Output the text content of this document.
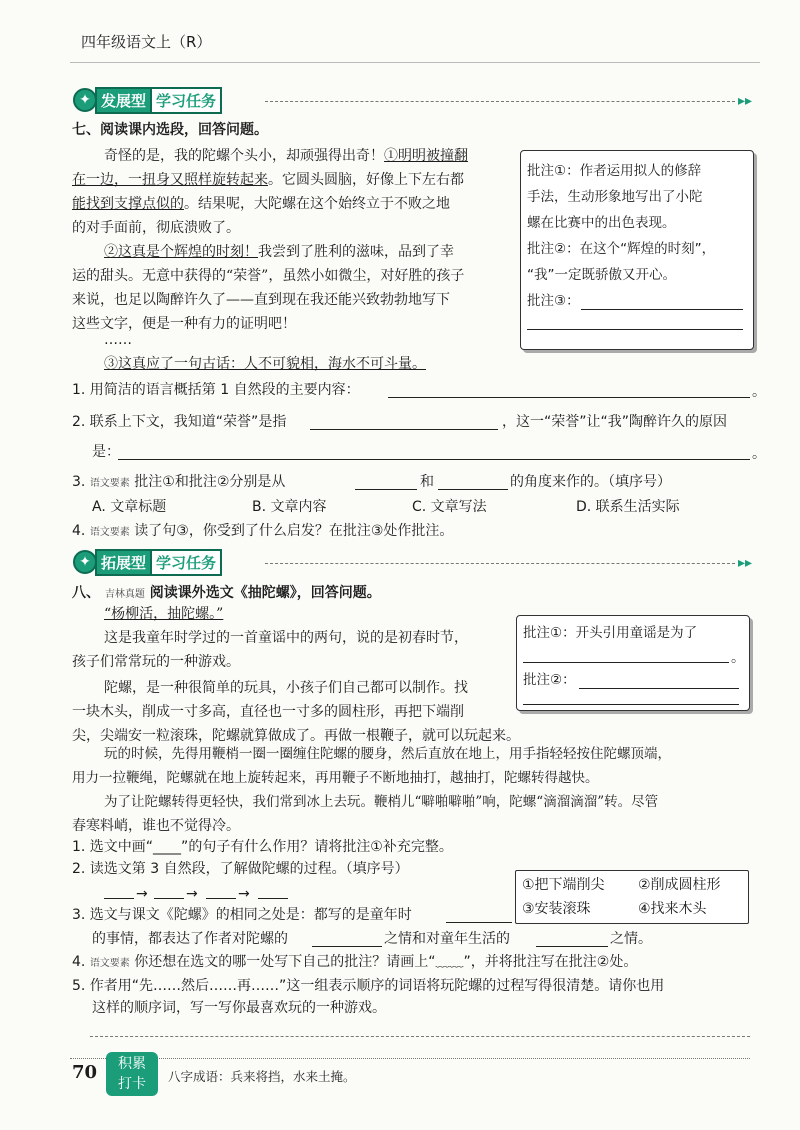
四年级语文上（R）
✦ 发展型 学习任务	▸▸
七、阅读课内选段，回答问题。
奇怪的是，我的陀螺个头小，却顽强得出奇！①明明被撞翻
在一边，一扭身又照样旋转起来。它圆头圆脑，好像上下左右都
能找到支撑点似的。结果呢，大陀螺在这个始终立于不败之地
的对手面前，彻底溃败了。
②这真是个辉煌的时刻！我尝到了胜利的滋味，品到了幸
运的甜头。无意中获得的“荣誉”，虽然小如微尘，对好胜的孩子
来说，也足以陶醉许久了——直到现在我还能兴致勃勃地写下
这些文字，便是一种有力的证明吧！
……
③这真应了一句古话：人不可貌相，海水不可斗量。
批注①：作者运用拟人的修辞
手法，生动形象地写出了小陀
螺在比赛中的出色表现。
批注②：在这个“辉煌的时刻”，
“我”一定既骄傲又开心。
批注③：
1. 用简洁的语言概括第 1 自然段的主要内容：	。
2. 联系上下文，我知道“荣誉”是指	，这一“荣誉”让“我”陶醉许久的原因
是：	。
3. 语文要素 批注①和批注②分别是从	和	的角度来作的。（填序号）
A. 文章标题	B. 文章内容	C. 文章写法	D. 联系生活实际
4. 语文要素 读了句③，你受到了什么启发？在批注③处作批注。
✦ 拓展型 学习任务	▸▸
八、 吉林真题 阅读课外选文《抽陀螺》，回答问题。
“杨柳活，抽陀螺。”
这是我童年时学过的一首童谣中的两句，说的是初春时节，
孩子们常常玩的一种游戏。
陀螺，是一种很简单的玩具，小孩子们自己都可以制作。找
一块木头，削成一寸多高，直径也一寸多的圆柱形，再把下端削
尖，尖端安一粒滚珠，陀螺就算做成了。再做一根鞭子，就可以玩起来。
玩的时候，先得用鞭梢一圈一圈缠住陀螺的腰身，然后直放在地上，用手指轻轻按住陀螺顶端，
用力一拉鞭绳，陀螺就在地上旋转起来，再用鞭子不断地抽打，越抽打，陀螺转得越快。
为了让陀螺转得更轻快，我们常到冰上去玩。鞭梢儿“噼啪噼啪”响，陀螺“滴溜滴溜”转。尽管
春寒料峭，谁也不觉得冷。
批注①：开头引用童谣是为了
。
批注②：
1. 选文中画“____”的句子有什么作用？请将批注①补充完整。
2. 读选文第 3 自然段，了解做陀螺的过程。（填序号）
→	→	→
①把下端削尖 ②削成圆柱形
③安装滚珠	④找来木头
3. 选文与课文《陀螺》的相同之处是：都写的是童年时
的事情，都表达了作者对陀螺的	之情和对童年生活的	之情。
4. 语文要素 你还想在选文的哪一处写下自己的批注？请画上“﹏﹏”，并将批注写在批注②处。
5. 作者用“先……然后……再……”这一组表示顺序的词语将玩陀螺的过程写得很清楚。请你也用
这样的顺序词，写一写你最喜欢玩的一种游戏。
70	积累
打卡	八字成语：兵来将挡，水来土掩。
